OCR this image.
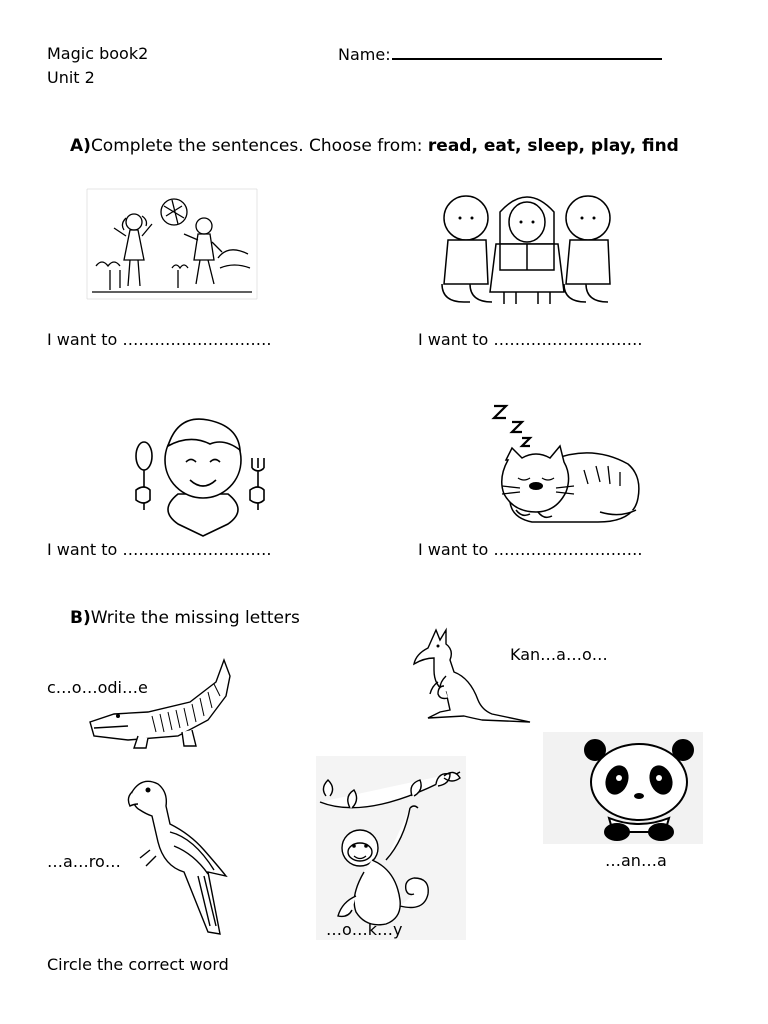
Magic book2
Unit 2
Name:
A)Complete the sentences. Choose from: read, eat, sleep, play, find
I want to ……………………….	I want to ……………………….
I want to ……………………….	I want to ……………………….
B)Write the missing letters
Kan…a…o…
c…o…odi…e
…a…ro…
…o…k…y
…an…a
Circle the correct word
